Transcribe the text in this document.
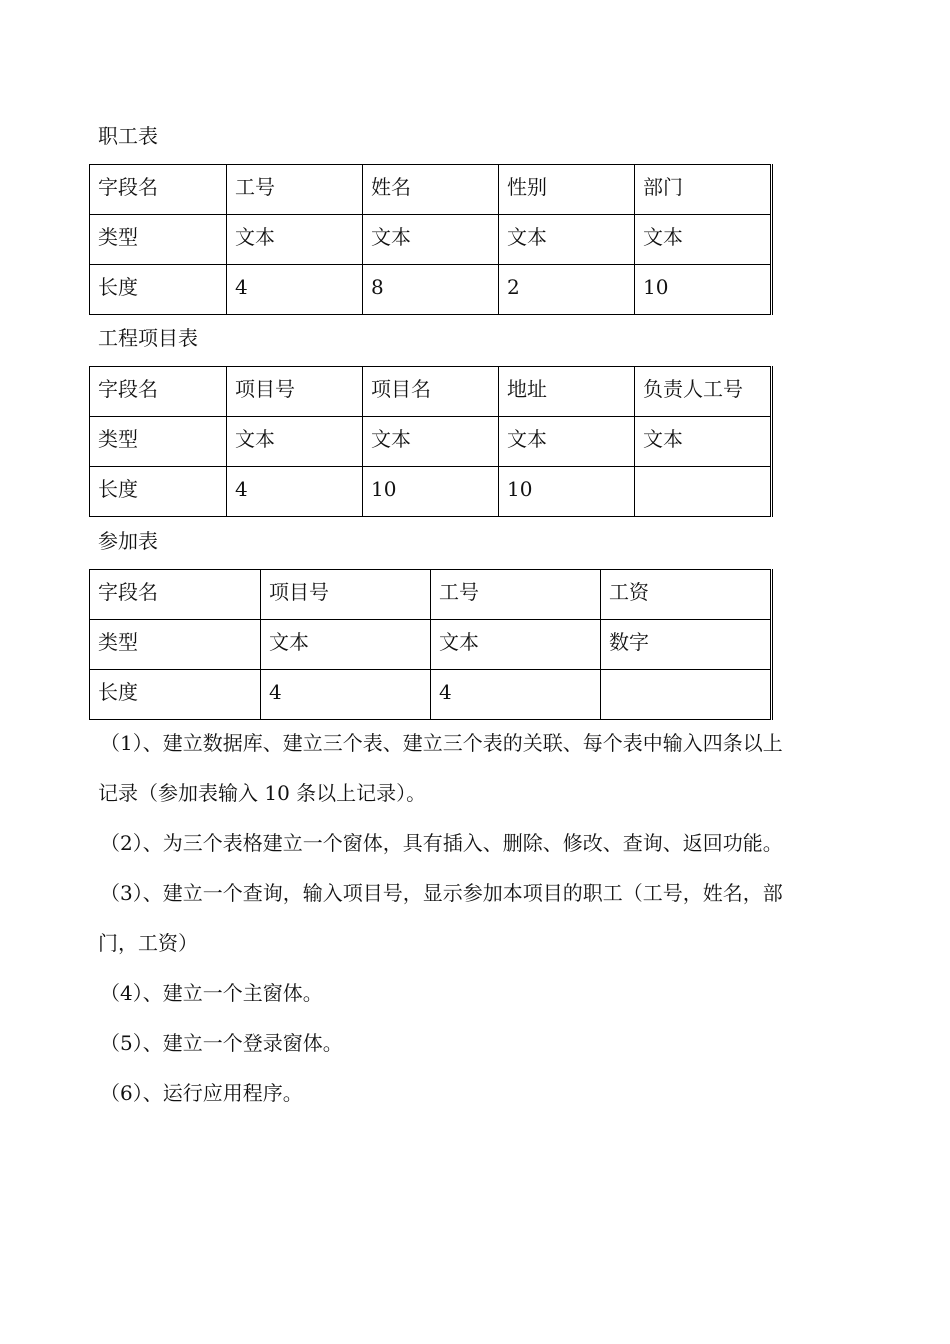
职工表
字段名	工号	姓名	性别	部门
类型	文本	文本	文本	文本
长度	4	8	2	10
工程项目表
字段名	项目号	项目名	地址	负责人工号
类型	文本	文本	文本	文本
长度	4	10	10	
参加表
字段名	项目号	工号	工资
类型	文本	文本	数字
长度	4	4	
（1）、建立数据库、建立三个表、建立三个表的关联、每个表中输入四条以上
记录（参加表输入 10 条以上记录）。
（2）、为三个表格建立一个窗体，具有插入、删除、修改、查询、返回功能。
（3）、建立一个查询，输入项目号，显示参加本项目的职工（工号，姓名，部
门，工资）
（4）、建立一个主窗体。
（5）、建立一个登录窗体。
（6）、运行应用程序。
